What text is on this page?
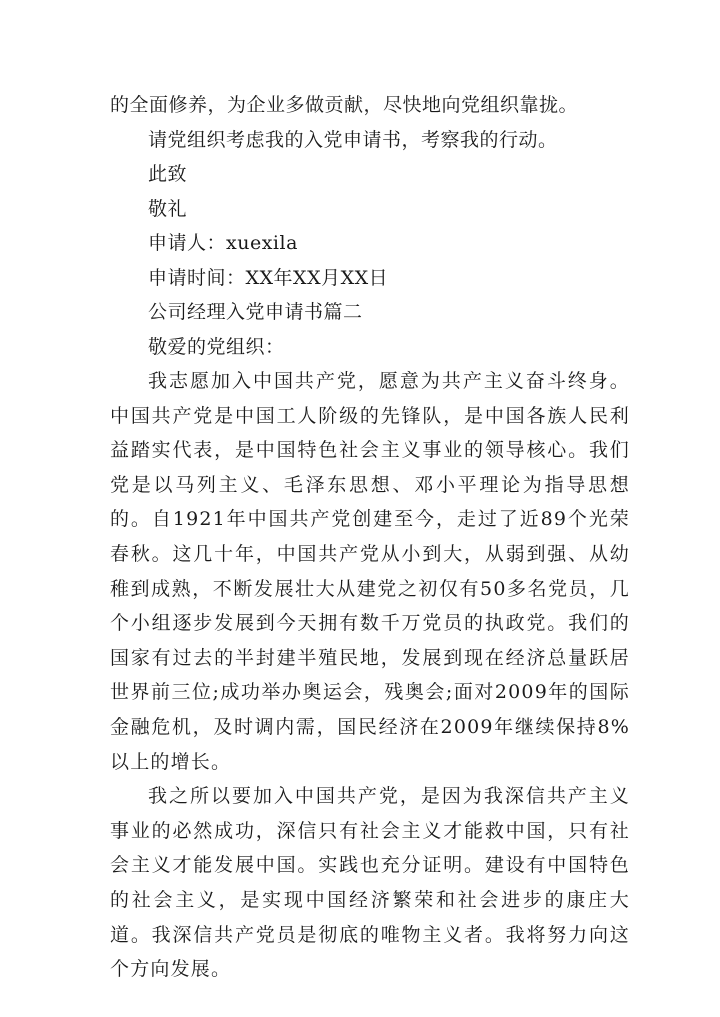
的全面修养，为企业多做贡献，尽快地向党组织靠拢。
请党组织考虑我的入党申请书，考察我的行动。
此致
敬礼
申请人：xuexila
申请时间：XX年XX月XX日
公司经理入党申请书篇二
敬爱的党组织：

我志愿加入中国共产党，愿意为共产主义奋斗终身。中国共产党是中国工人阶级的先锋队，是中国各族人民利益踏实代表，是中国特色社会主义事业的领导核心。我们党是以马列主义、毛泽东思想、邓小平理论为指导思想的。自1921年中国共产党创建至今，走过了近89个光荣春秋。这几十年，中国共产党从小到大，从弱到强、从幼稚到成熟，不断发展壮大从建党之初仅有50多名党员，几个小组逐步发展到今天拥有数千万党员的执政党。我们的国家有过去的半封建半殖民地，发展到现在经济总量跃居世界前三位;成功举办奥运会，残奥会;面对2009年的国际金融危机，及时调内需，国民经济在2009年继续保持8%以上的增长。

我之所以要加入中国共产党，是因为我深信共产主义事业的必然成功，深信只有社会主义才能救中国，只有社会主义才能发展中国。实践也充分证明。建设有中国特色的社会主义，是实现中国经济繁荣和社会进步的康庄大道。我深信共产党员是彻底的唯物主义者。我将努力向这个方向发展。
